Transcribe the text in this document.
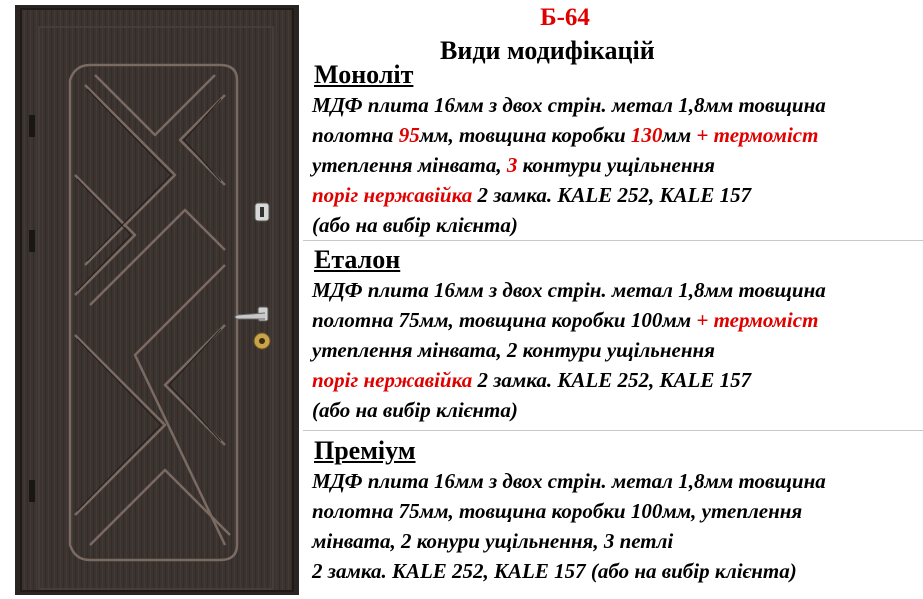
Б-64
Види модифікацій
Моноліт
Еталон
Преміум
МДФ плита 16мм з двох стрін. метал 1,8мм товщина
полотна 95мм, товщина коробки 130мм + термоміст
утеплення мінвата, 3 контури ущільнення
поріг нержавійка 2 замка. KALE 252, KALE 157
(або на вибір клієнта)
МДФ плита 16мм з двох стрін. метал 1,8мм товщина
полотна 75мм, товщина коробки 100мм + термоміст
утеплення мінвата, 2 контури ущільнення
поріг нержавійка 2 замка. KALE 252, KALE 157
(або на вибір клієнта)
МДФ плита 16мм з двох стрін. метал 1,8мм товщина
полотна 75мм, товщина коробки 100мм, утеплення
мінвата, 2 конури ущільнення, 3 петлі
2 замка. KALE 252, KALE 157 (або на вибір клієнта)
